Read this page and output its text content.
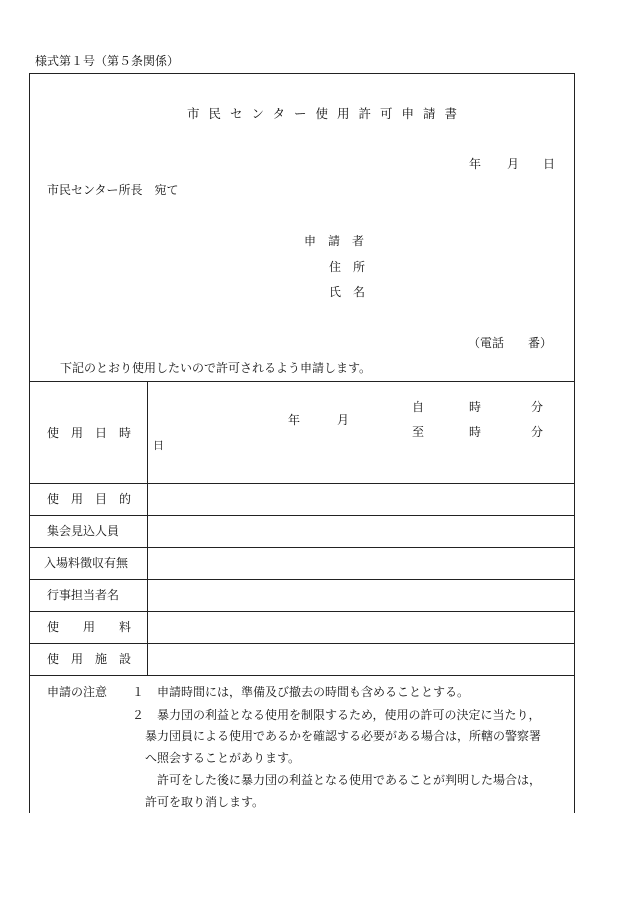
様式第１号（第５条関係）
市民センター使用許可申請書
年 月 日
市民センター所長　宛て
申　請　者
住　所
氏　名
（電話　　番）
下記のとおり使用したいので許可されるよう申請します。
使　用　日　時
年	月
日
自	時	分
至	時	分
使　用　目　的
集会見込人員
入場料徴収有無
行事担当者名
使　　用　　料
使　用　施　設
申請の注意 １ 申請時間には，準備及び撤去の時間も含めることとする。
２ 暴力団の利益となる使用を制限するため，使用の許可の決定に当たり，
暴力団員による使用であるかを確認する必要がある場合は，所轄の警察署
へ照会することがあります。
　許可をした後に暴力団の利益となる使用であることが判明した場合は，
許可を取り消します。
